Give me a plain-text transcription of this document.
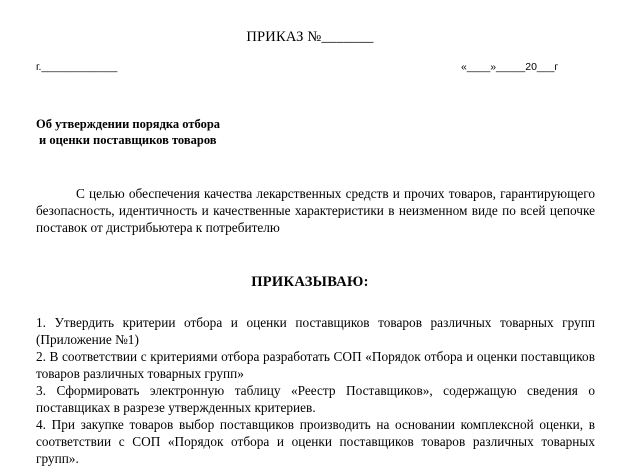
ПРИКАЗ №_______
г._____________	«____»_____20___г
Об утверждении порядка отбора
и оценки поставщиков товаров

С целью обеспечения качества лекарственных средств и прочих товаров, гарантирующего безопасность, идентичность и качественные характеристики в неизменном виде по всей цепочке поставок от дистрибьютера к потребителю

ПРИКАЗЫВАЮ:

1. Утвердить критерии отбора и оценки поставщиков товаров различных товарных групп (Приложение №1)

2. В соответствии с критериями отбора разработать СОП «Порядок отбора и оценки поставщиков товаров различных товарных групп»

3. Сформировать электронную таблицу «Реестр Поставщиков», содержащую сведения о поставщиках в разрезе утвержденных критериев.

4. При закупке товаров выбор поставщиков производить на основании комплексной оценки, в соответствии с СОП «Порядок отбора и оценки поставщиков товаров различных товарных групп».
